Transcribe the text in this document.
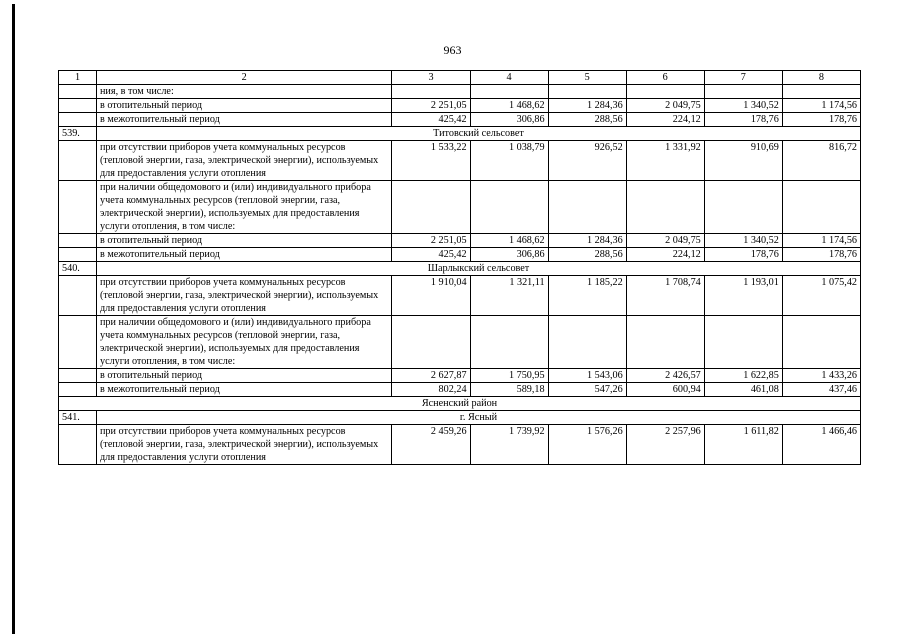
963
1	2	3	4	5	6	7	8
	ния, в том числе:						
	в отопительный период	2 251,05	1 468,62	1 284,36	2 049,75	1 340,52	1 174,56
	в межотопительный период	425,42	306,86	288,56	224,12	178,76	178,76
539.	Титовский сельсовет						
	при отсутствии приборов учета коммунальных ресурсов (тепловой энергии, газа, электрической энергии), используемых для предоставления услуги отопления	1 533,22	1 038,79	926,52	1 331,92	910,69	816,72
	при наличии общедомового и (или) индивидуального прибора учета коммунальных ресурсов (тепловой энергии, газа, электрической энергии), используемых для предоставления услуги отопления, в том числе:						
	в отопительный период	2 251,05	1 468,62	1 284,36	2 049,75	1 340,52	1 174,56
	в межотопительный период	425,42	306,86	288,56	224,12	178,76	178,76
540.	Шарлыкский сельсовет						
	при отсутствии приборов учета коммунальных ресурсов (тепловой энергии, газа, электрической энергии), используемых для предоставления услуги отопления	1 910,04	1 321,11	1 185,22	1 708,74	1 193,01	1 075,42
	при наличии общедомового и (или) индивидуального прибора учета коммунальных ресурсов (тепловой энергии, газа, электрической энергии), используемых для предоставления услуги отопления, в том числе:						
	в отопительный период	2 627,87	1 750,95	1 543,06	2 426,57	1 622,85	1 433,26
	в межотопительный период	802,24	589,18	547,26	600,94	461,08	437,46
Ясненский район							
541.	г. Ясный						
	при отсутствии приборов учета коммунальных ресурсов (тепловой энергии, газа, электрической энергии), используемых для предоставления услуги отопления	2 459,26	1 739,92	1 576,26	2 257,96	1 611,82	1 466,46
